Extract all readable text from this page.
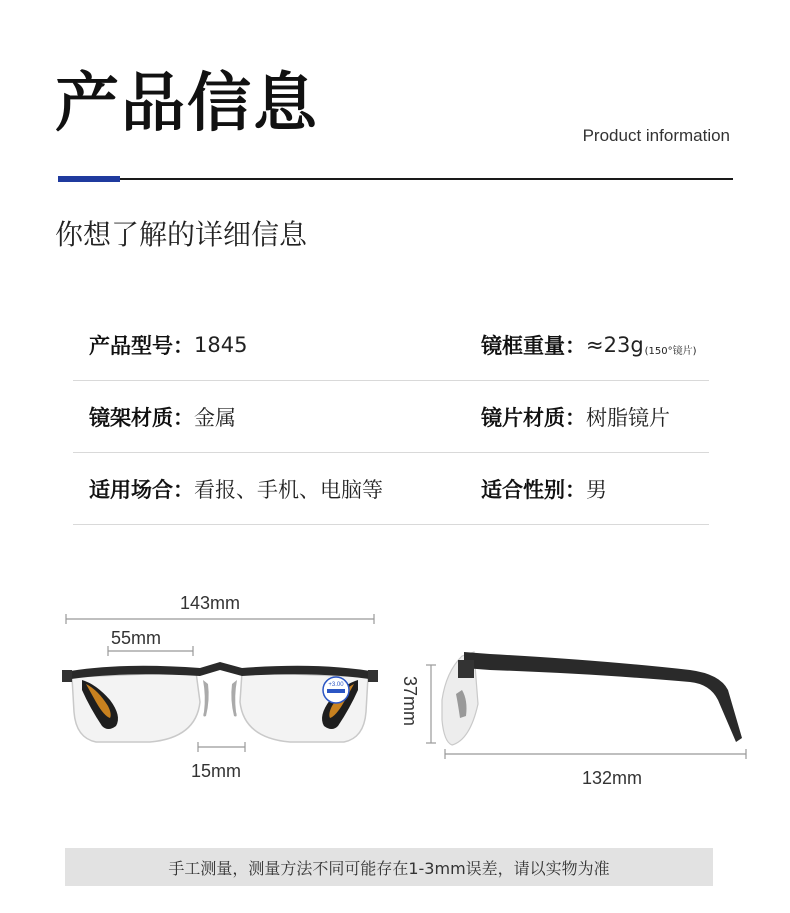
产品信息	Product information
你想了解的详细信息
产品型号： 1845	镜框重量： ≈23g (150°镜片)
镜架材质： 金属	镜片材质： 树脂镜片
适用场合： 看报、手机、电脑等	适合性别： 男
+3.00
143mm
55mm
15mm
37mm
132mm
手工测量，测量方法不同可能存在1-3mm误差，请以实物为准
